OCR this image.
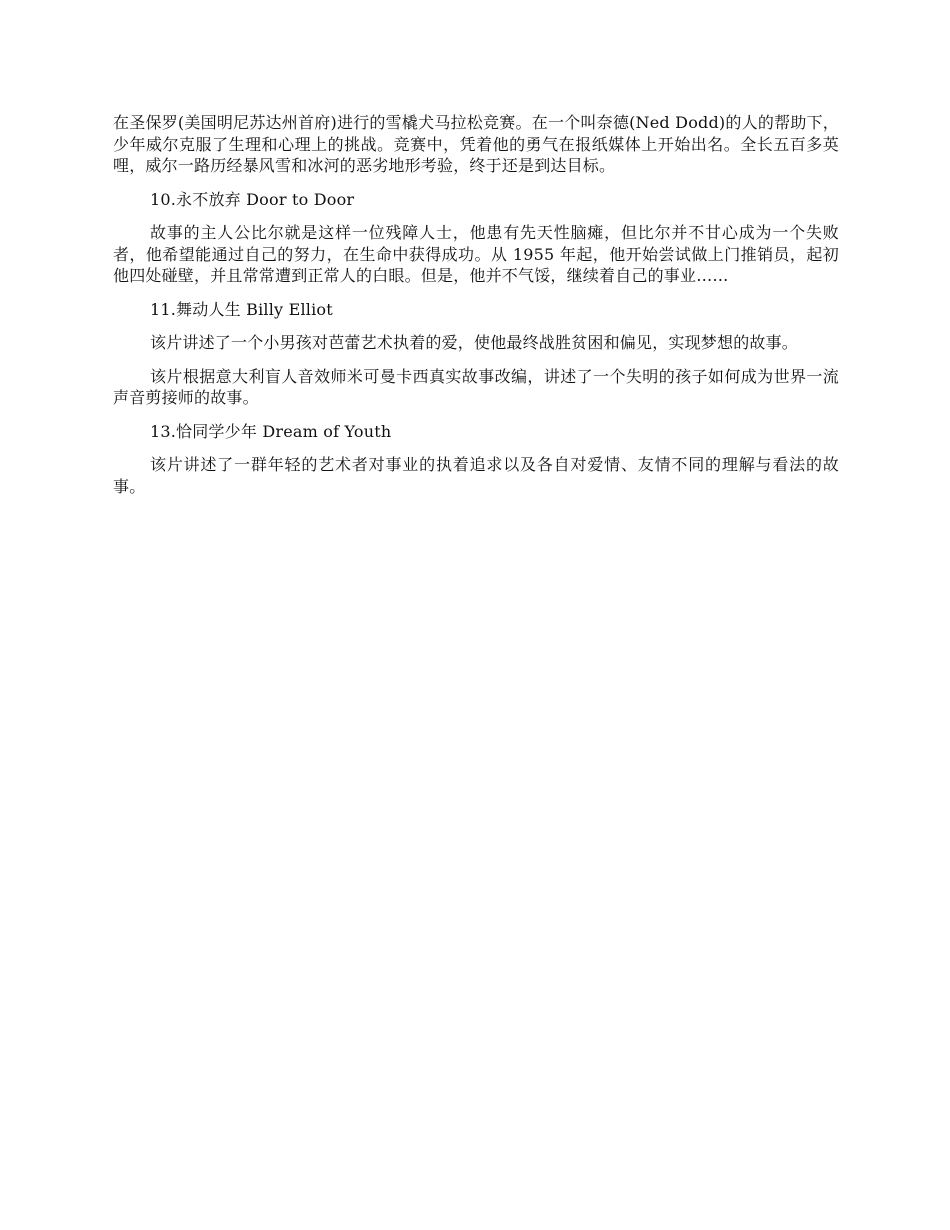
在圣保罗(美国明尼苏达州首府)进行的雪橇犬马拉松竞赛。在一个叫奈德(Ned Dodd)的人的帮助下，少年威尔克服了生理和心理上的挑战。竞赛中，凭着他的勇气在报纸媒体上开始出名。全长五百多英哩，威尔一路历经暴风雪和冰河的恶劣地形考验，终于还是到达目标。

10.永不放弃 Door to Door

故事的主人公比尔就是这样一位残障人士，他患有先天性脑瘫，但比尔并不甘心成为一个失败者，他希望能通过自己的努力，在生命中获得成功。从 1955 年起，他开始尝试做上门推销员，起初他四处碰壁，并且常常遭到正常人的白眼。但是，他并不气馁，继续着自己的事业……

11.舞动人生 Billy Elliot

该片讲述了一个小男孩对芭蕾艺术执着的爱，使他最终战胜贫困和偏见，实现梦想的故事。

该片根据意大利盲人音效师米可曼卡西真实故事改编，讲述了一个失明的孩子如何成为世界一流声音剪接师的故事。

13.恰同学少年 Dream of Youth

该片讲述了一群年轻的艺术者对事业的执着追求以及各自对爱情、友情不同的理解与看法的故事。
